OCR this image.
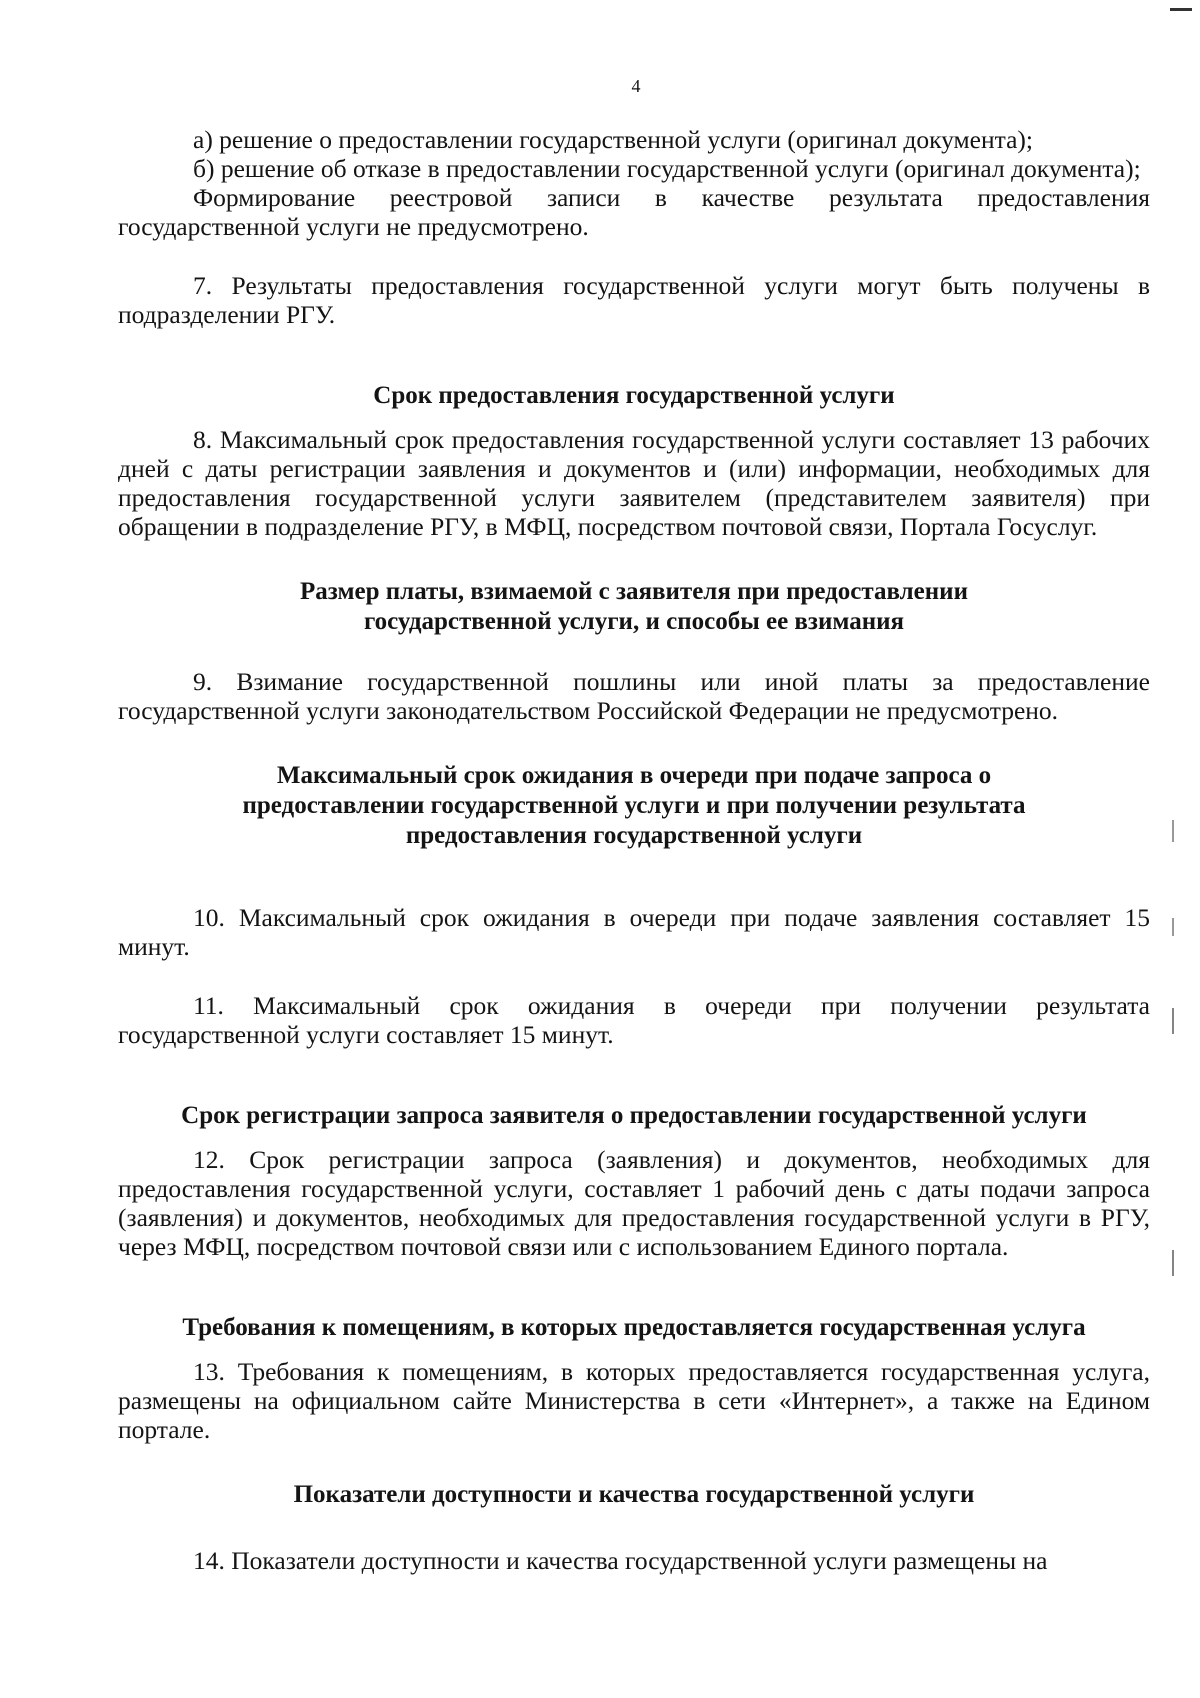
4

а) решение о предоставлении государственной услуги (оригинал документа);

б) решение об отказе в предоставлении государственной услуги (оригинал документа);

Формирование реестровой записи в качестве результата предоставления государственной услуги не предусмотрено.

7. Результаты предоставления государственной услуги могут быть получены в подразделении РГУ.

Срок предоставления государственной услуги

8. Максимальный срок предоставления государственной услуги составляет 13 рабочих дней с даты регистрации заявления и документов и (или) информации, необходимых для предоставления государственной услуги заявителем (представителем заявителя) при обращении в подразделение РГУ, в МФЦ, посредством почтовой связи, Портала Госуслуг.

Размер платы, взимаемой с заявителя при предоставлении
государственной услуги, и способы ее взимания

9. Взимание государственной пошлины или иной платы за предоставление государственной услуги законодательством Российской Федерации не предусмотрено.

Максимальный срок ожидания в очереди при подаче запроса о
предоставлении государственной услуги и при получении результата
предоставления государственной услуги

10. Максимальный срок ожидания в очереди при подаче заявления составляет 15 минут.

11. Максимальный срок ожидания в очереди при получении результата государственной услуги составляет 15 минут.

Срок регистрации запроса заявителя о предоставлении государственной услуги

12. Срок регистрации запроса (заявления) и документов, необходимых для предоставления государственной услуги, составляет 1 рабочий день с даты подачи запроса (заявления) и документов, необходимых для предоставления государственной услуги в РГУ, через МФЦ, посредством почтовой связи или с использованием Единого портала.

Требования к помещениям, в которых предоставляется государственная услуга

13. Требования к помещениям, в которых предоставляется государственная услуга, размещены на официальном сайте Министерства в сети «Интернет», а также на Едином портале.

Показатели доступности и качества государственной услуги

14. Показатели доступности и качества государственной услуги размещены на
